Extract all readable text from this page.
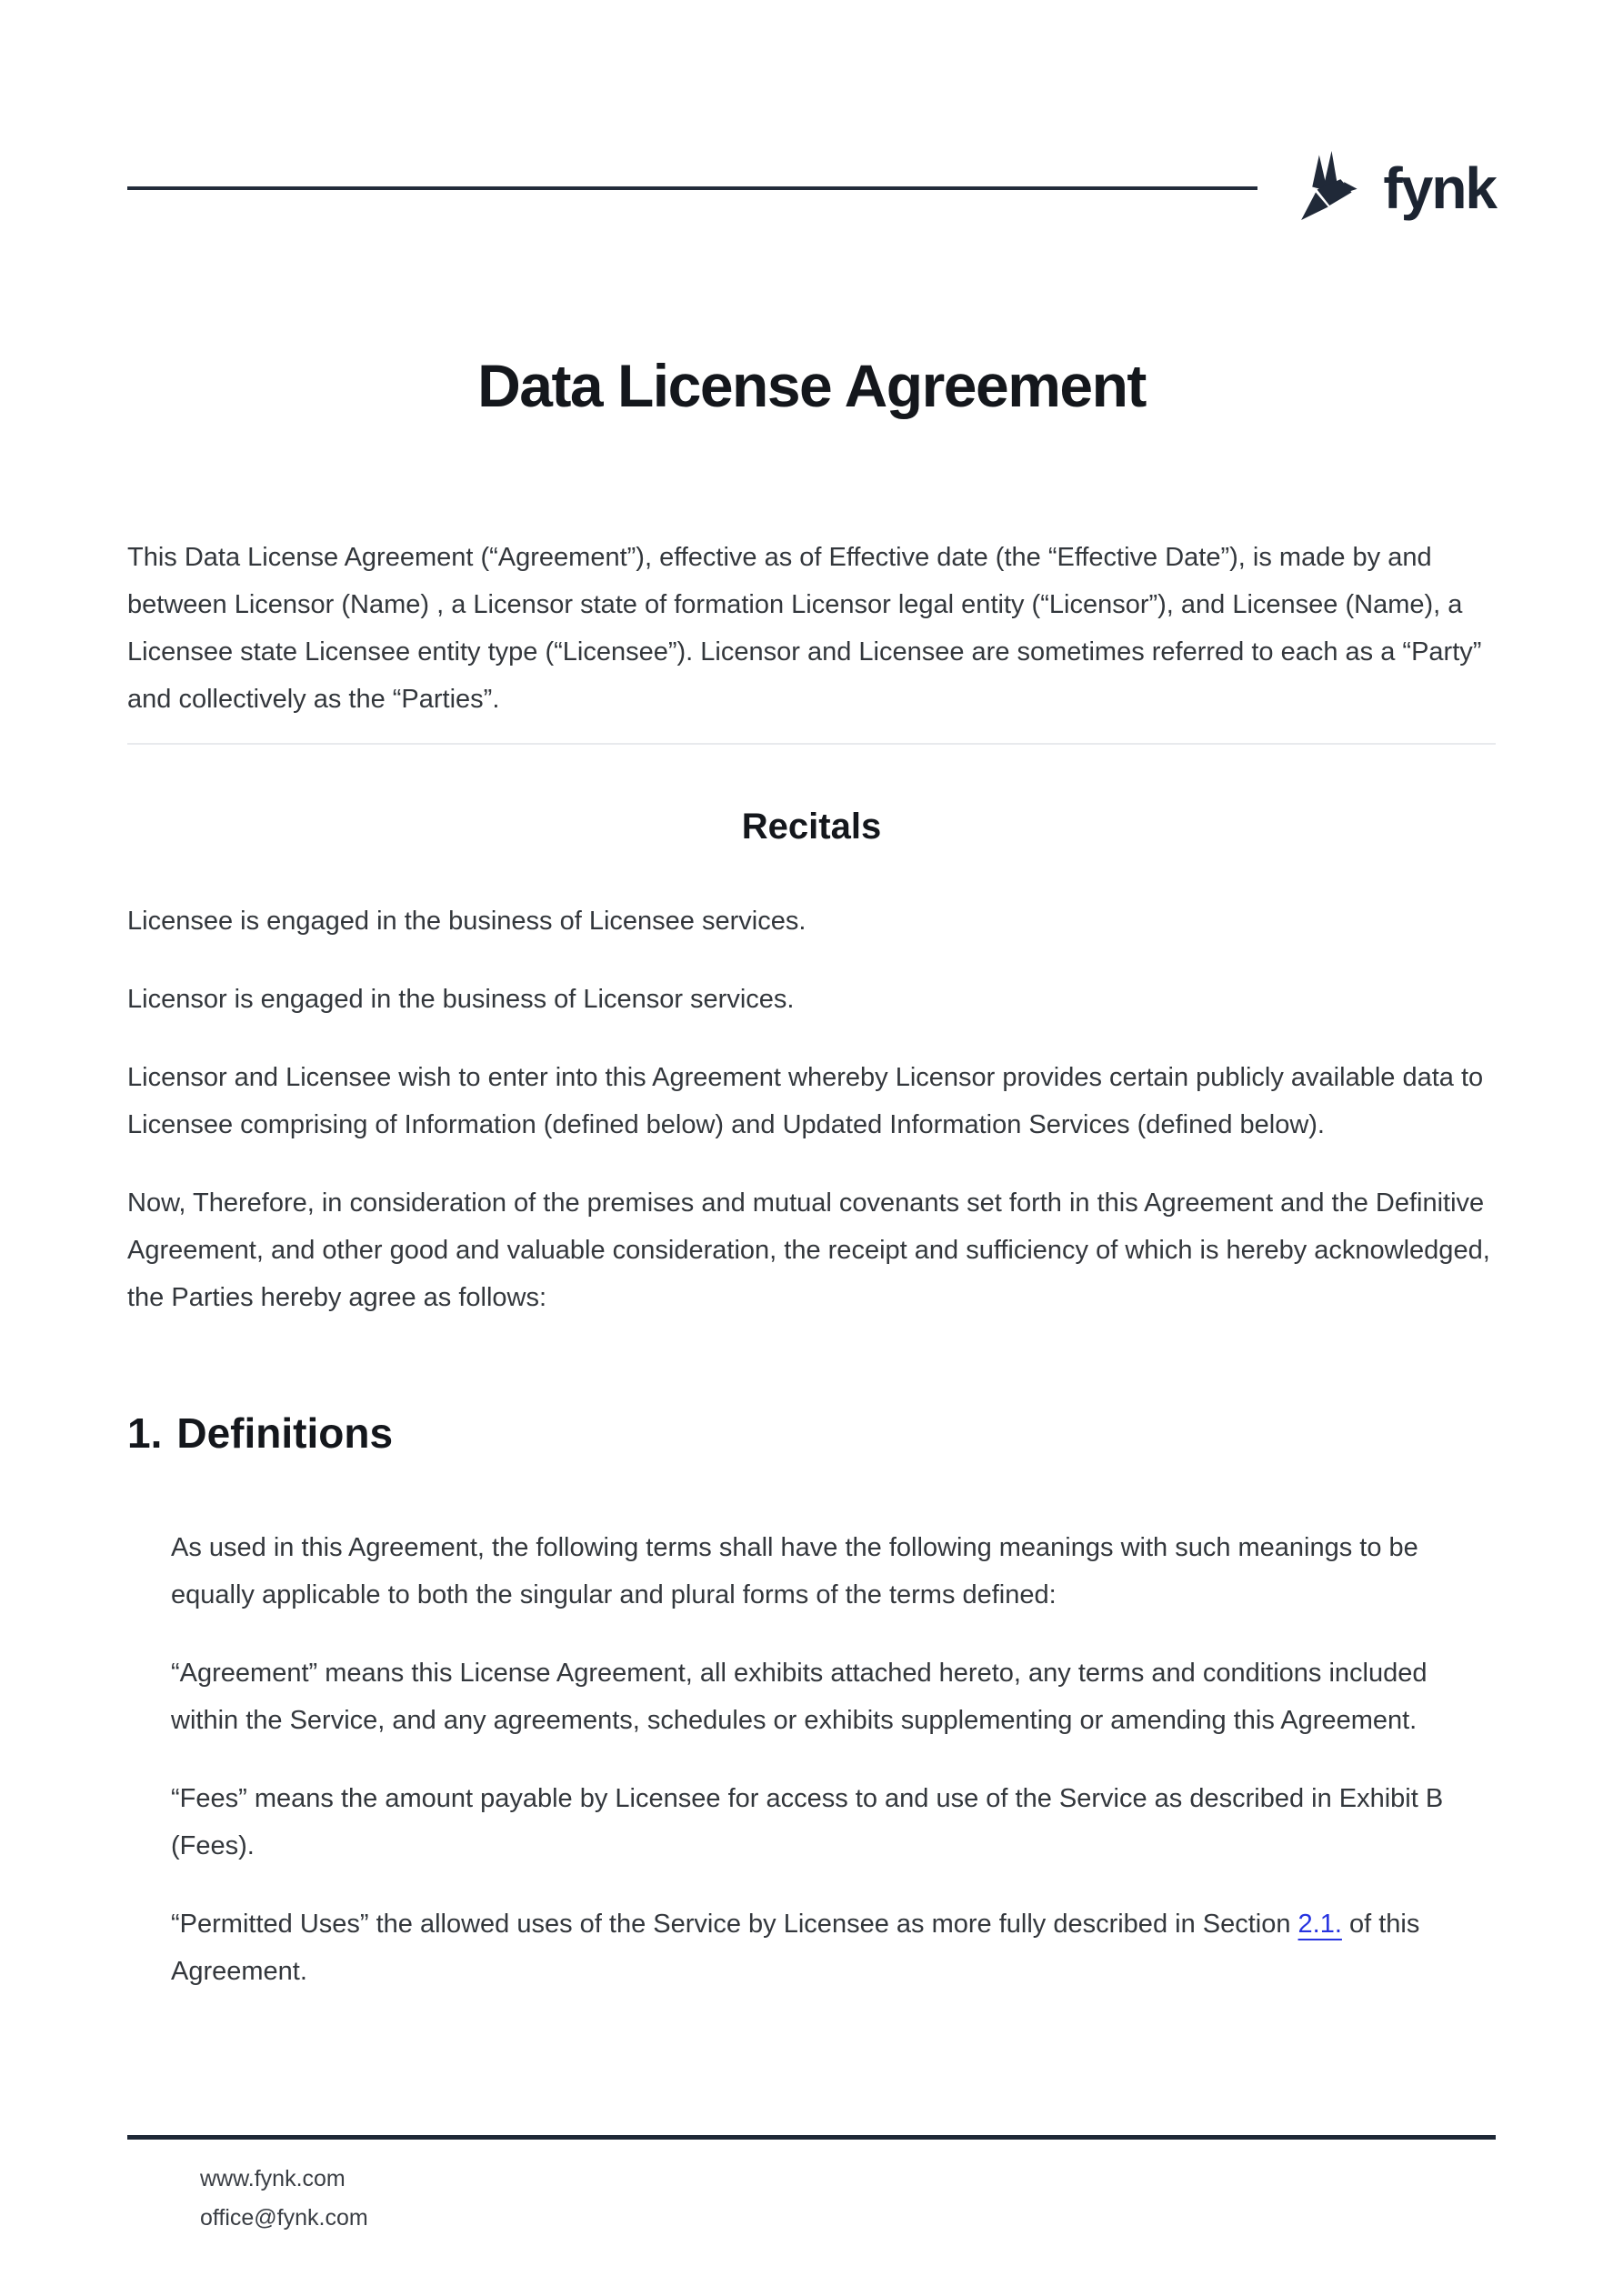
fynk
Data License Agreement

This Data License Agreement (“Agreement”), effective as of Effective date (the “Effective Date”), is made by and between Licensor (Name) , a Licensor state of formation Licensor legal entity (“Licensor”), and Licensee (Name), a Licensee state Licensee entity type (“Licensee”). Licensor and Licensee are sometimes referred to each as a “Party” and collectively as the “Parties”.

Recitals

Licensee is engaged in the business of Licensee services.

Licensor is engaged in the business of Licensor services.

Licensor and Licensee wish to enter into this Agreement whereby Licensor provides certain publicly available data to Licensee comprising of Information (defined below) and Updated Information Services (defined below).

Now, Therefore, in consideration of the premises and mutual covenants set forth in this Agreement and the Definitive Agreement, and other good and valuable consideration, the receipt and sufficiency of which is hereby acknowledged, the Parties hereby agree as follows:

1. Definitions

As used in this Agreement, the following terms shall have the following meanings with such meanings to be equally applicable to both the singular and plural forms of the terms defined:

“Agreement” means this License Agreement, all exhibits attached hereto, any terms and conditions included within the Service, and any agreements, schedules or exhibits supplementing or amending this Agreement.

“Fees” means the amount payable by Licensee for access to and use of the Service as described in Exhibit B (Fees).

“Permitted Uses” the allowed uses of the Service by Licensee as more fully described in Section 2.1. of this Agreement.

www.fynk.com
office@fynk.com
